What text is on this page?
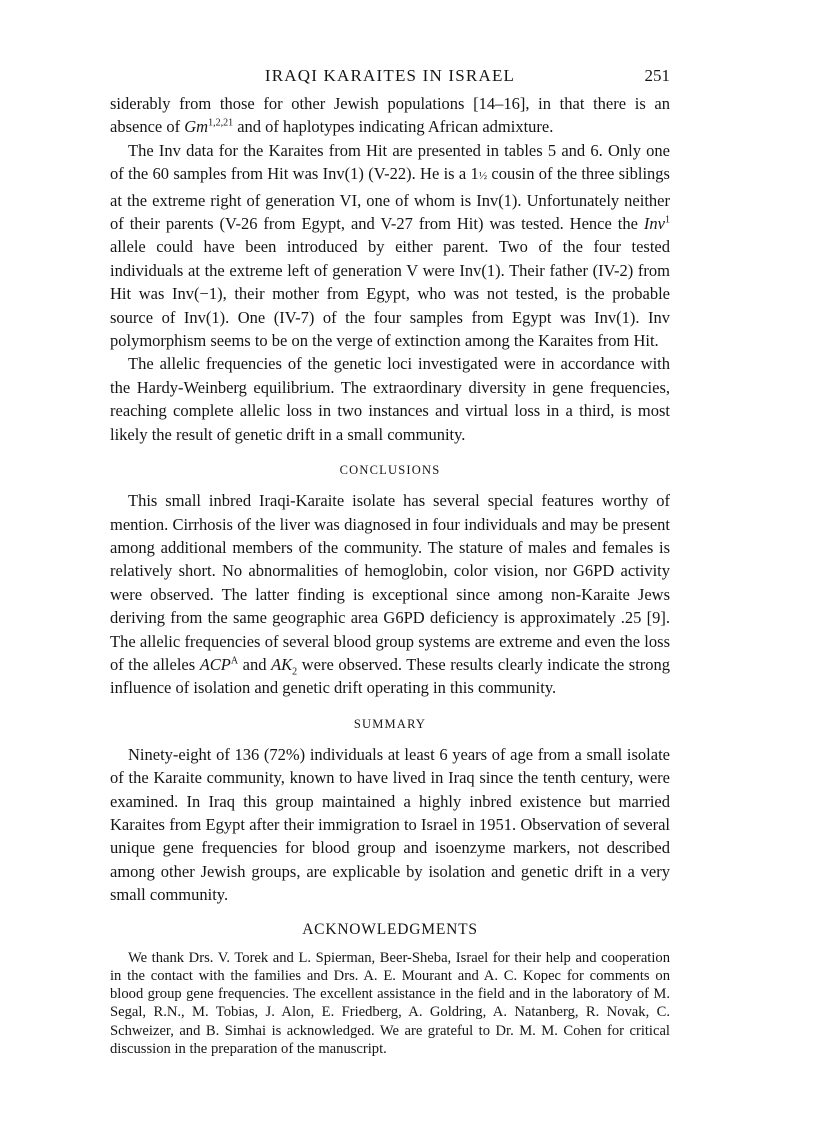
IRAQI KARAITES IN ISRAEL	251

siderably from those for other Jewish populations [14–16], in that there is an absence of Gm$^{1,2,21}$ and of haplotypes indicating African admixture.

The Inv data for the Karaites from Hit are presented in tables 5 and 6. Only one of the 60 samples from Hit was Inv(1) (V-22). He is a 1½ cousin of the three siblings at the extreme right of generation VI, one of whom is Inv(1). Unfortunately neither of their parents (V-26 from Egypt, and V-27 from Hit) was tested. Hence the Inv$^1$ allele could have been introduced by either parent. Two of the four tested individuals at the extreme left of generation V were Inv(1). Their father (IV-2) from Hit was Inv(−1), their mother from Egypt, who was not tested, is the probable source of Inv(1). One (IV-7) of the four samples from Egypt was Inv(1). Inv polymorphism seems to be on the verge of extinction among the Karaites from Hit.

The allelic frequencies of the genetic loci investigated were in accordance with the Hardy-Weinberg equilibrium. The extraordinary diversity in gene frequencies, reaching complete allelic loss in two instances and virtual loss in a third, is most likely the result of genetic drift in a small community.

CONCLUSIONS

This small inbred Iraqi-Karaite isolate has several special features worthy of mention. Cirrhosis of the liver was diagnosed in four individuals and may be present among additional members of the community. The stature of males and females is relatively short. No abnormalities of hemoglobin, color vision, nor G6PD activity were observed. The latter finding is exceptional since among non-Karaite Jews deriving from the same geographic area G6PD deficiency is approximately .25 [9]. The allelic frequencies of several blood group systems are extreme and even the loss of the alleles $ACP^A$ and $AK_2$ were observed. These results clearly indicate the strong influence of isolation and genetic drift operating in this community.

SUMMARY

Ninety-eight of 136 (72%) individuals at least 6 years of age from a small isolate of the Karaite community, known to have lived in Iraq since the tenth century, were examined. In Iraq this group maintained a highly inbred existence but married Karaites from Egypt after their immigration to Israel in 1951. Observation of several unique gene frequencies for blood group and isoenzyme markers, not described among other Jewish groups, are explicable by isolation and genetic drift in a very small community.

ACKNOWLEDGMENTS

We thank Drs. V. Torek and L. Spierman, Beer-Sheba, Israel for their help and cooperation in the contact with the families and Drs. A. E. Mourant and A. C. Kopec for comments on blood group gene frequencies. The excellent assistance in the field and in the laboratory of M. Segal, R.N., M. Tobias, J. Alon, E. Friedberg, A. Goldring, A. Natanberg, R. Novak, C. Schweizer, and B. Simhai is acknowledged. We are grateful to Dr. M. M. Cohen for critical discussion in the preparation of the manuscript.
